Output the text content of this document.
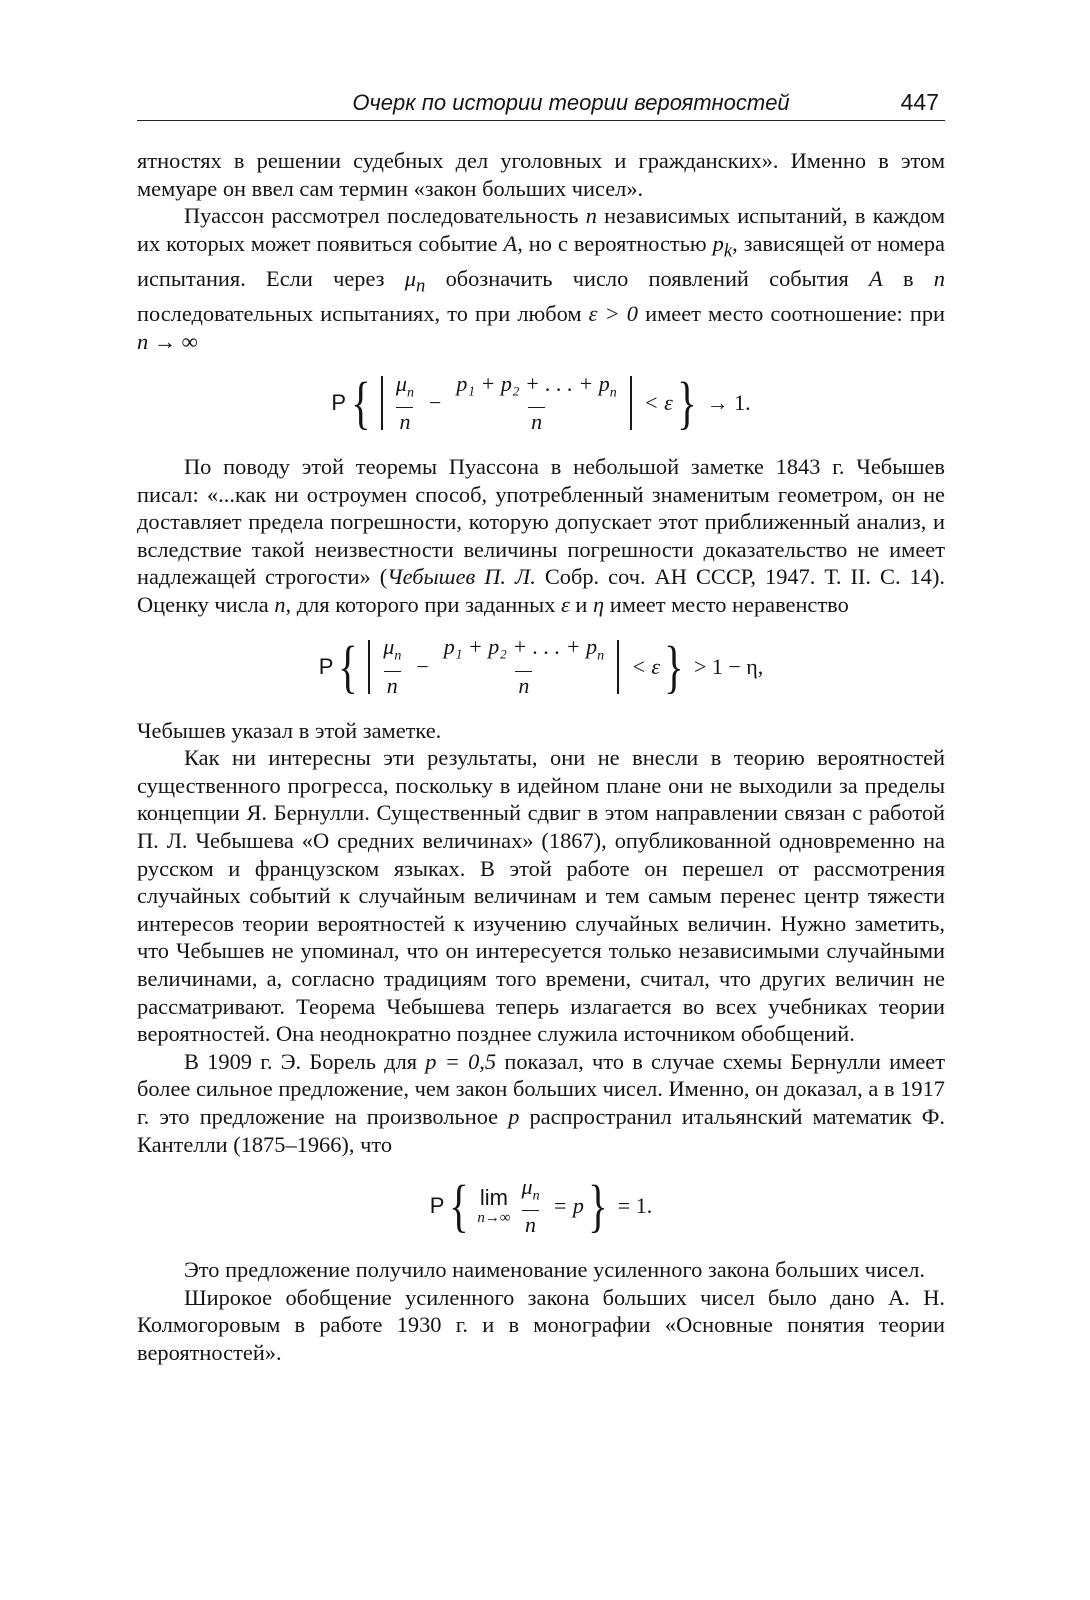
Очерк по истории теории вероятностей	447

ятностях в решении судебных дел уголовных и гражданских». Именно в этом мемуаре он ввел сам термин «закон больших чисел».

Пуассон рассмотрел последовательность n независимых испытаний, в каждом их которых может появиться событие A, но с вероятностью $p_k$, зависящей от номера испытания. Если через $\mu_n$ обозначить число появлений события A в n последовательных испытаниях, то при любом ε > 0 имеет место соотношение: при n → ∞

P { $\frac{\mu_n}{n} - \frac{p_1 + p_2 + . . . + p_n}{n} < \varepsilon$ } → 1.

По поводу этой теоремы Пуассона в небольшой заметке 1843 г. Чебышев писал: «...как ни остроумен способ, употребленный знаменитым геометром, он не доставляет предела погрешности, которую допускает этот приближенный анализ, и вследствие такой неизвестности величины погрешности доказательство не имеет надлежащей строгости» (Чебышев П. Л. Собр. соч. АН СССР, 1947. Т. II. С. 14). Оценку числа n, для которого при заданных ε и η имеет место неравенство

P { $\frac{\mu_n}{n} - \frac{p_1 + p_2 + . . . + p_n}{n} < \varepsilon$ } > 1 − η,

Чебышев указал в этой заметке.

Как ни интересны эти результаты, они не внесли в теорию вероятностей существенного прогресса, поскольку в идейном плане они не выходили за пределы концепции Я. Бернулли. Существенный сдвиг в этом направлении связан с работой П. Л. Чебышева «О средних величинах» (1867), опубликованной одновременно на русском и французском языках. В этой работе он перешел от рассмотрения случайных событий к случайным величинам и тем самым перенес центр тяжести интересов теории вероятностей к изучению случайных величин. Нужно заметить, что Чебышев не упоминал, что он интересуется только независимыми случайными величинами, а, согласно традициям того времени, считал, что других величин не рассматривают. Теорема Чебышева теперь излагается во всех учебниках теории вероятностей. Она неоднократно позднее служила источником обобщений.

В 1909 г. Э. Борель для p = 0,5 показал, что в случае схемы Бернулли имеет более сильное предложение, чем закон больших чисел. Именно, он доказал, а в 1917 г. это предложение на произвольное p распространил итальянский математик Ф. Кантелли (1875–1966), что

P { lim
$n\to\infty \frac{\mu_n}{n} = p$ } = 1.

Это предложение получило наименование усиленного закона больших чисел.

Широкое обобщение усиленного закона больших чисел было дано А. Н. Колмогоровым в работе 1930 г. и в монографии «Основные понятия теории вероятностей».
